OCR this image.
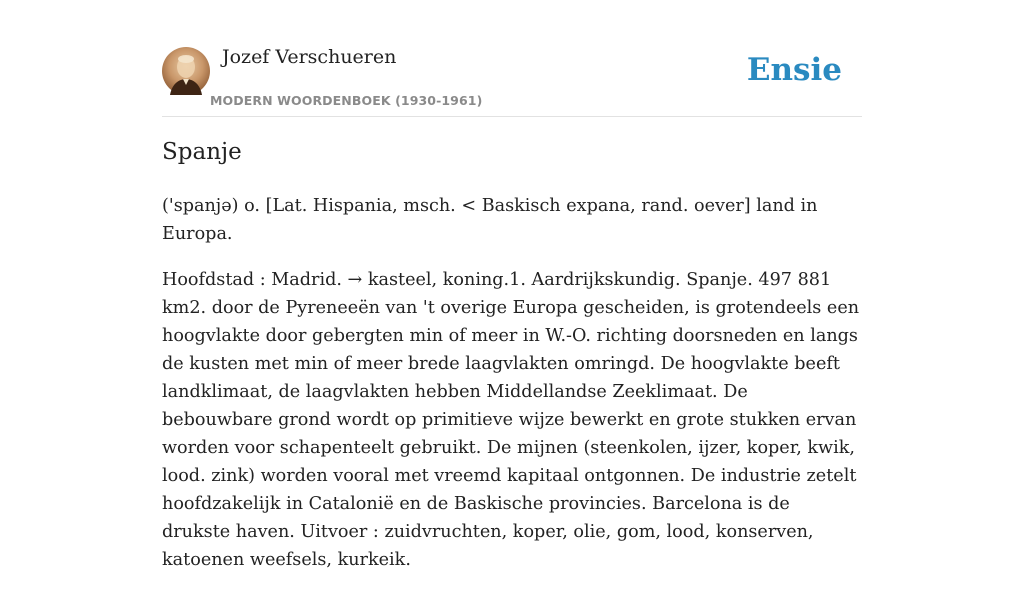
Jozef Verschueren
MODERN WOORDENBOEK (1930-1961)
Ensie
Spanje

('spanjə) o. [Lat. Hispania, msch. < Baskisch expana, rand. oever] land in Europa.

Hoofdstad : Madrid. → kasteel, koning.1. Aardrijkskundig. Spanje. 497 881 km2. door de Pyreneeën van 't overige Europa gescheiden, is grotendeels een hoogvlakte door gebergten min of meer in W.-O. richting doorsneden en langs de kusten met min of meer brede laagvlakten omringd. De hoogvlakte beeft landklimaat, de laagvlakten hebben Middellandse Zeeklimaat. De bebouwbare grond wordt op primitieve wijze bewerkt en grote stukken ervan worden voor schapenteelt gebruikt. De mijnen (steenkolen, ijzer, koper, kwik, lood. zink) worden vooral met vreemd kapitaal ontgonnen. De industrie zetelt hoofdzakelijk in Catalonië en de Baskische provincies. Barcelona is de drukste haven. Uitvoer : zuidvruchten, koper, olie, gom, lood, konserven, katoenen weefsels, kurkeik.
